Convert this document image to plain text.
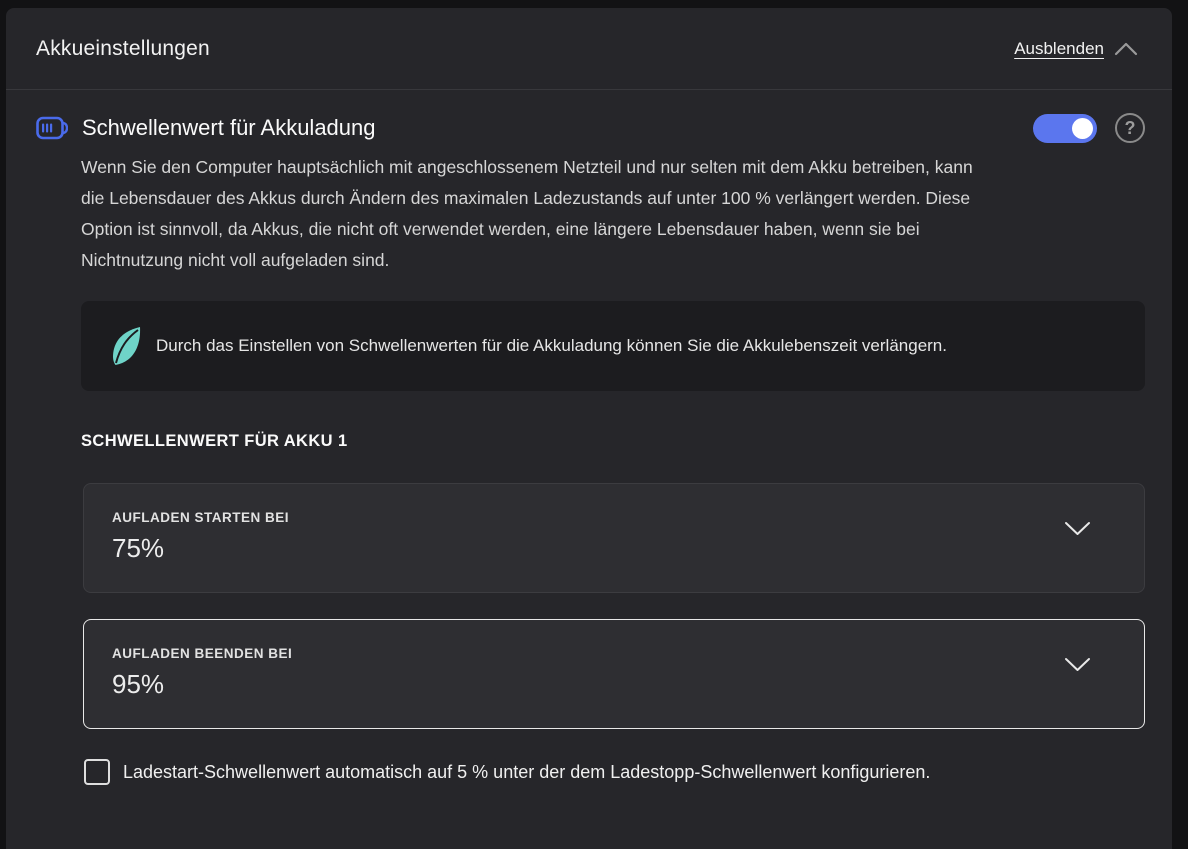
Akkueinstellungen	Ausblenden
Schwellenwert für Akkuladung	?

Wenn Sie den Computer hauptsächlich mit angeschlossenem Netzteil und nur selten mit dem Akku betreiben, kann die Lebensdauer des Akkus durch Ändern des maximalen Ladezustands auf unter 100 % verlängert werden. Diese Option ist sinnvoll, da Akkus, die nicht oft verwendet werden, eine längere Lebensdauer haben, wenn sie bei Nichtnutzung nicht voll aufgeladen sind.

Durch das Einstellen von Schwellenwerten für die Akkuladung können Sie die Akkulebenszeit verlängern.
SCHWELLENWERT FÜR AKKU 1
AUFLADEN STARTEN BEI
75%
AUFLADEN BEENDEN BEI
95%
Ladestart-Schwellenwert automatisch auf 5 % unter der dem Ladestopp-Schwellenwert konfigurieren.
